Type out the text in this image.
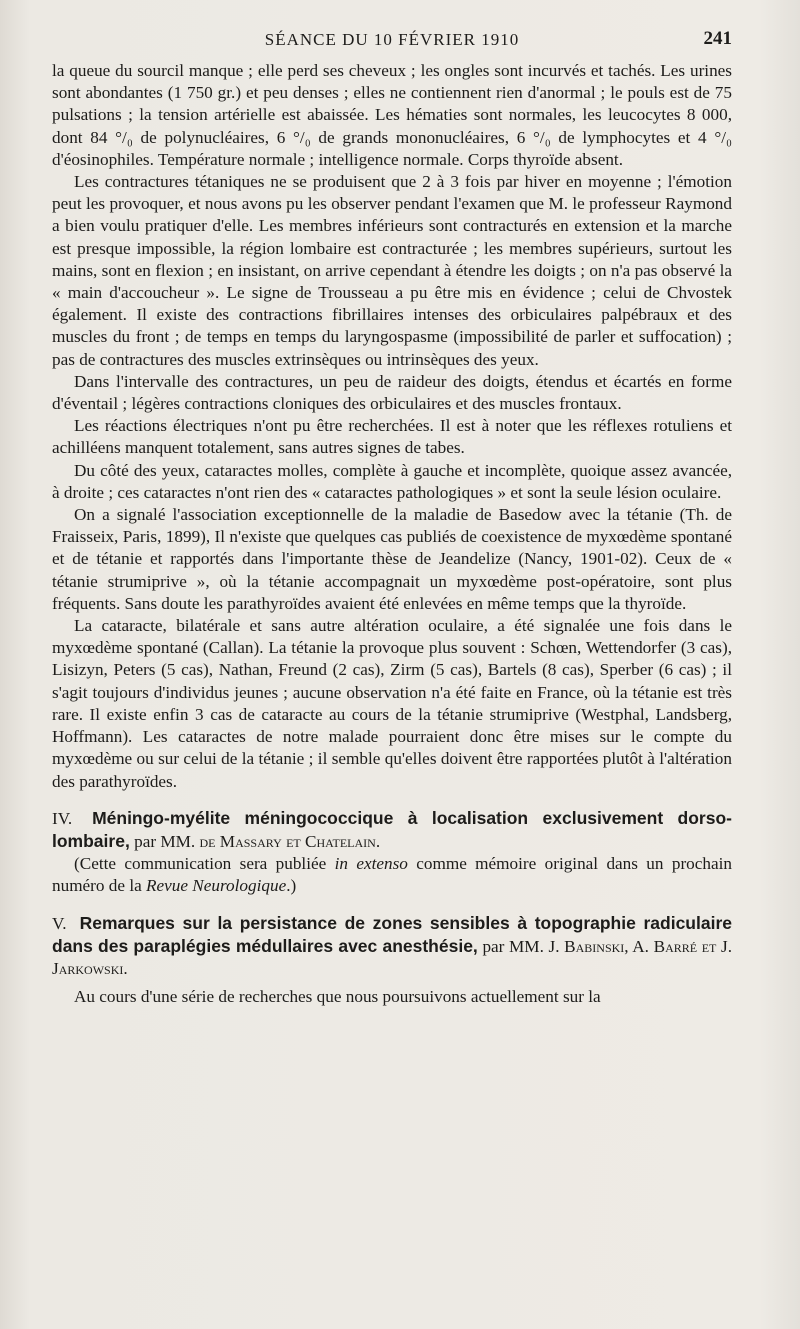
SÉANCE DU 10 FÉVRIER 1910	241

la queue du sourcil manque ; elle perd ses cheveux ; les ongles sont incurvés et tachés. Les urines sont abondantes (1 750 gr.) et peu denses ; elles ne contiennent rien d'anormal ; le pouls est de 75 pulsations ; la tension artérielle est abaissée. Les hématies sont normales, les leucocytes 8 000, dont 84 °/₀ de polynucléaires, 6 °/₀ de grands mononucléaires, 6 °/₀ de lymphocytes et 4 °/₀ d'éosinophiles. Température normale ; intelligence normale. Corps thyroïde absent.

Les contractures tétaniques ne se produisent que 2 à 3 fois par hiver en moyenne ; l'émotion peut les provoquer, et nous avons pu les observer pendant l'examen que M. le professeur Raymond a bien voulu pratiquer d'elle. Les membres inférieurs sont contracturés en extension et la marche est presque impossible, la région lombaire est contracturée ; les membres supérieurs, surtout les mains, sont en flexion ; en insistant, on arrive cependant à étendre les doigts ; on n'a pas observé la « main d'accoucheur ». Le signe de Trousseau a pu être mis en évidence ; celui de Chvostek également. Il existe des contractions fibrillaires intenses des orbiculaires palpébraux et des muscles du front ; de temps en temps du laryngospasme (impossibilité de parler et suffocation) ; pas de contractures des muscles extrinsèques ou intrinsèques des yeux.

Dans l'intervalle des contractures, un peu de raideur des doigts, étendus et écartés en forme d'éventail ; légères contractions cloniques des orbiculaires et des muscles frontaux.

Les réactions électriques n'ont pu être recherchées. Il est à noter que les réflexes rotuliens et achilléens manquent totalement, sans autres signes de tabes.

Du côté des yeux, cataractes molles, complète à gauche et incomplète, quoique assez avancée, à droite ; ces cataractes n'ont rien des « cataractes pathologiques » et sont la seule lésion oculaire.

On a signalé l'association exceptionnelle de la maladie de Basedow avec la tétanie (Th. de Fraisseix, Paris, 1899), Il n'existe que quelques cas publiés de coexistence de myxœdème spontané et de tétanie et rapportés dans l'importante thèse de Jeandelize (Nancy, 1901-02). Ceux de « tétanie strumiprive », où la tétanie accompagnait un myxœdème post-opératoire, sont plus fréquents. Sans doute les parathyroïdes avaient été enlevées en même temps que la thyroïde.

La cataracte, bilatérale et sans autre altération oculaire, a été signalée une fois dans le myxœdème spontané (Callan). La tétanie la provoque plus souvent : Schœn, Wettendorfer (3 cas), Lisizyn, Peters (5 cas), Nathan, Freund (2 cas), Zirm (5 cas), Bartels (8 cas), Sperber (6 cas) ; il s'agit toujours d'individus jeunes ; aucune observation n'a été faite en France, où la tétanie est très rare. Il existe enfin 3 cas de cataracte au cours de la tétanie strumiprive (Westphal, Landsberg, Hoffmann). Les cataractes de notre malade pourraient donc être mises sur le compte du myxœdème ou sur celui de la tétanie ; il semble qu'elles doivent être rapportées plutôt à l'altération des parathyroïdes.

IV. Méningo-myélite méningococcique à localisation exclusivement dorso-lombaire, par MM. de Massary et Chatelain.

(Cette communication sera publiée in extenso comme mémoire original dans un prochain numéro de la Revue Neurologique.)

V. Remarques sur la persistance de zones sensibles à topographie radiculaire dans des paraplégies médullaires avec anesthésie, par MM. J. Babinski, A. Barré et J. Jarkowski.

Au cours d'une série de recherches que nous poursuivons actuellement sur la
